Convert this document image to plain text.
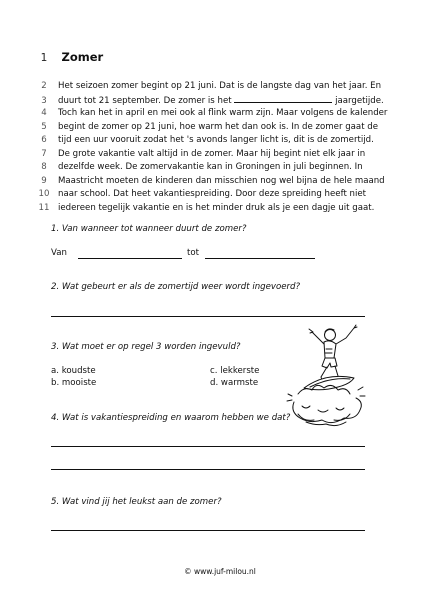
1 Zomer
2 Het seizoen zomer begint op 21 juni. Dat is de langste dag van het jaar. En
3 duurt tot 21 september. De zomer is het	jaargetijde.
4 Toch kan het in april en mei ook al flink warm zijn. Maar volgens de kalender
5 begint de zomer op 21 juni, hoe warm het dan ook is. In de zomer gaat de
6 tijd een uur vooruit zodat het 's avonds langer licht is, dit is de zomertijd.
7 De grote vakantie valt altijd in de zomer. Maar hij begint niet elk jaar in
8 dezelfde week. De zomervakantie kan in Groningen in juli beginnen. In
9 Maastricht moeten de kinderen dan misschien nog wel bijna de hele maand
10 naar school. Dat heet vakantiespreiding. Door deze spreiding heeft niet
11 iedereen tegelijk vakantie en is het minder druk als je een dagje uit gaat.
1. Van wanneer tot wanneer duurt de zomer?
Van	tot
2. Wat gebeurt er als de zomertijd weer wordt ingevoerd?
3. Wat moet er op regel 3 worden ingevuld?
a. koudste	c. lekkerste
b. mooiste	d. warmste
4. Wat is vakantiespreiding en waarom hebben we dat?
5. Wat vind jij het leukst aan de zomer?
© www.juf-milou.nl
